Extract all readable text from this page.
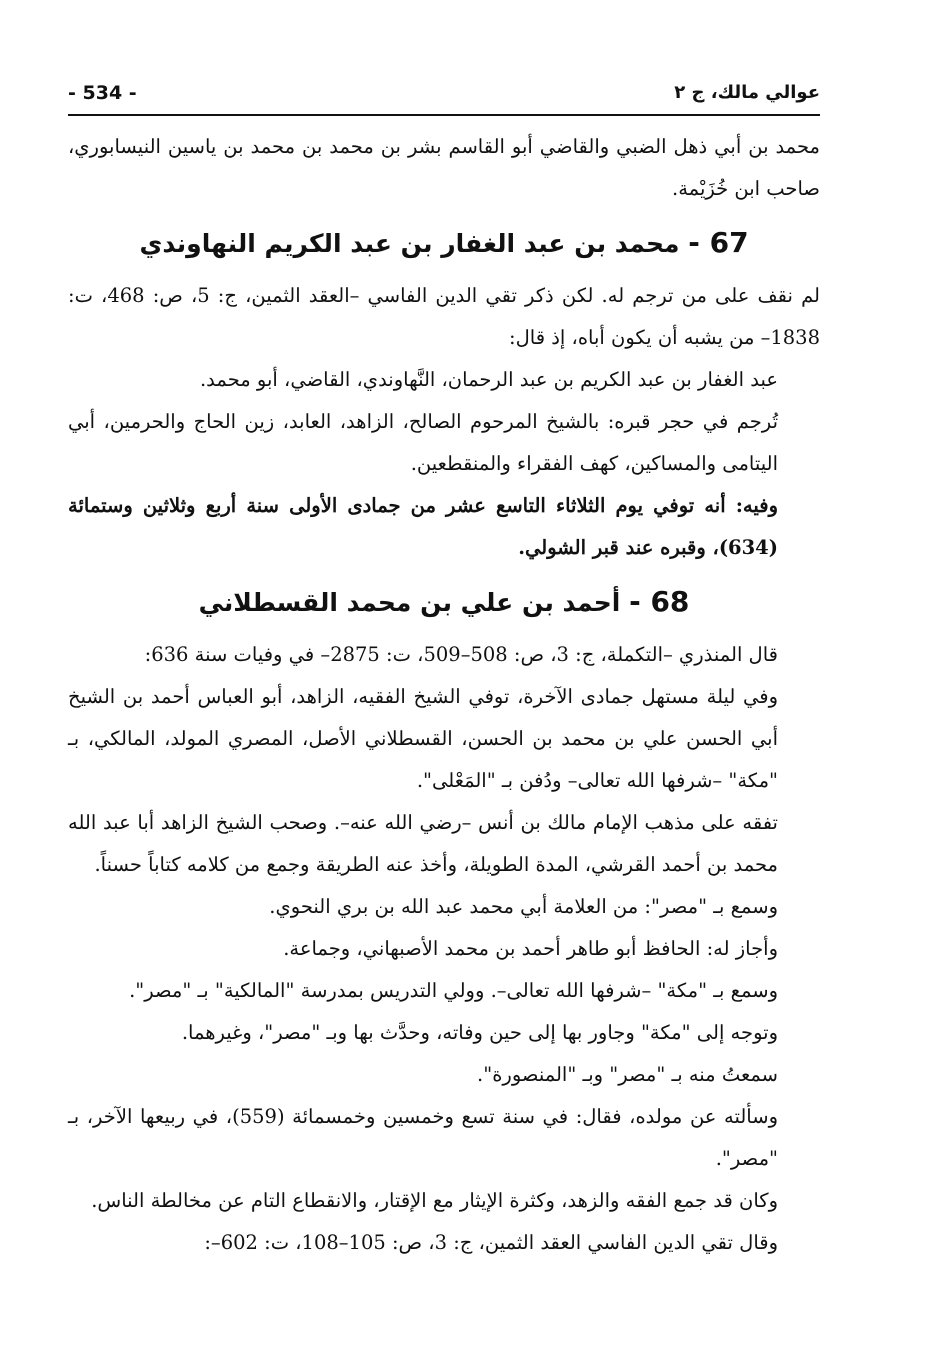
- 534 -	عوالي مالك، ج ٢

محمد بن أبي ذهل الضبي والقاضي أبو القاسم بشر بن محمد بن محمد بن ياسين النيسابوري، صاحب ابن خُزَيْمة.

67 - محمد بن عبد الغفار بن عبد الكريم النهاوندي

لم نقف على من ترجم له. لكن ذكر تقي الدين الفاسي –العقد الثمين، ج: 5، ص: 468، ت: 1838– من يشبه أن يكون أباه، إذ قال:

عبد الغفار بن عبد الكريم بن عبد الرحمان، النَّهاوندي، القاضي، أبو محمد.

تُرجم في حجر قبره: بالشيخ المرحوم الصالح، الزاهد، العابد، زين الحاج والحرمين، أبي اليتامى والمساكين، كهف الفقراء والمنقطعين.

وفيه: أنه توفي يوم الثلاثاء التاسع عشر من جمادى الأولى سنة أربع وثلاثين وستمائة (634)، وقبره عند قبر الشولي.

68 - أحمد بن علي بن محمد القسطلاني

قال المنذري –التكملة، ج: 3، ص: 508–509، ت: 2875– في وفيات سنة 636:

وفي ليلة مستهل جمادى الآخرة، توفي الشيخ الفقيه، الزاهد، أبو العباس أحمد بن الشيخ أبي الحسن علي بن محمد بن الحسن، القسطلاني الأصل، المصري المولد، المالكي، بـ "مكة" –شرفها الله تعالى– ودُفن بـ "المَعْلى".

تفقه على مذهب الإمام مالك بن أنس –رضي الله عنه–. وصحب الشيخ الزاهد أبا عبد الله محمد بن أحمد القرشي، المدة الطويلة، وأخذ عنه الطريقة وجمع من كلامه كتاباً حسناً.

وسمع بـ "مصر": من العلامة أبي محمد عبد الله بن بري النحوي.

وأجاز له: الحافظ أبو طاهر أحمد بن محمد الأصبهاني، وجماعة.

وسمع بـ "مكة" –شرفها الله تعالى–. وولي التدريس بمدرسة "المالكية" بـ "مصر".

وتوجه إلى "مكة" وجاور بها إلى حين وفاته، وحدَّث بها وبـ "مصر"، وغيرهما.

سمعتُ منه بـ "مصر" وبـ "المنصورة".

وسألته عن مولده، فقال: في سنة تسع وخمسين وخمسمائة (559)، في ربيعها الآخر، بـ "مصر".

وكان قد جمع الفقه والزهد، وكثرة الإيثار مع الإقتار، والانقطاع التام عن مخالطة الناس.

وقال تقي الدين الفاسي العقد الثمين، ج: 3، ص: 105–108، ت: 602–:
